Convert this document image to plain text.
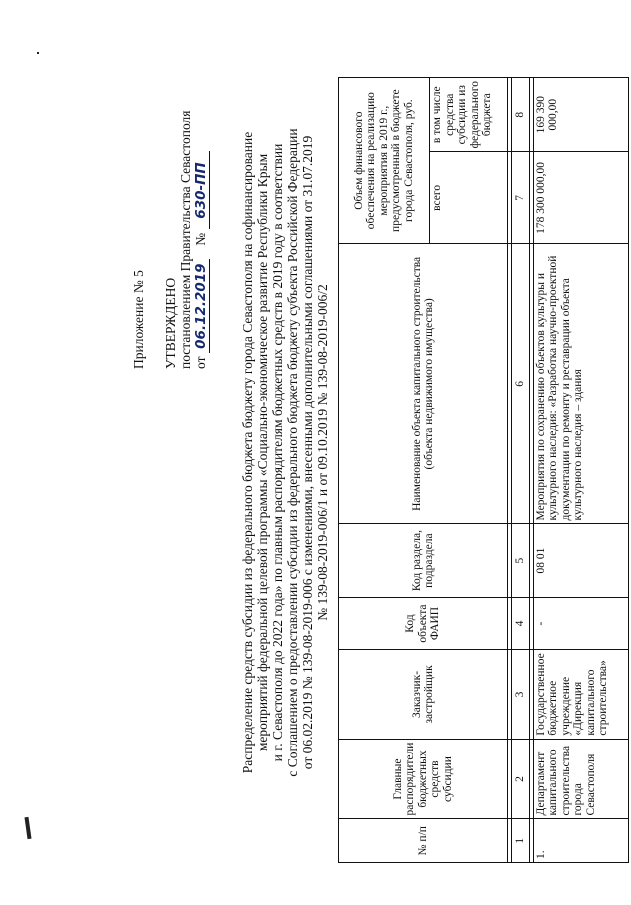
Приложение № 5 УТВЕРЖДЕНО постановлением Правительства Севастополя от 06.12.2019 № 630-ПП Распределение средств субсидии из федерального бюджета бюджету города Севастополя на софинансирование мероприятий федеральной целевой программы «Социально-экономическое развитие Республики Крым и г. Севастополя до 2022 года» по главным распорядителям бюджетных средств в 2019 году в соответствии с Соглашением о предоставлении субсидии из федерального бюджета бюджету субъекта Российской Федерации от 06.02.2019 № 139-08-2019-006 с изменениями, внесенными дополнительными соглашениями от 31.07.2019 № 139-08-2019-006/1 и от 09.10.2019 № 139-08-2019-006/2
№ п/п	Главные распорядители бюджетных средств субсидии	Заказчик-застройщик	Код объекта ФАИП	Код раздела, подраздела	Наименование объекта капитального строительства (объекта недвижимого имущества)	Объем финансового обеспечения на реализацию мероприятия в 2019 г., предусмотренный в бюджете города Севастополя, руб.	
						всего	в том числе средства субсидии из федерального бюджета

1	2	3	4	5	6	7	8

1.	Департамент капитального строительства города Севастополя	Государственное бюджетное учреждение «Дирекция капитального строительства»	-	08 01	Мероприятия по сохранению объектов культуры и культурного наследия: «Разработка научно-проектной документации по ремонту и реставрации объекта культурного наследия – здания	178 300 000,00	169 390 000,00
